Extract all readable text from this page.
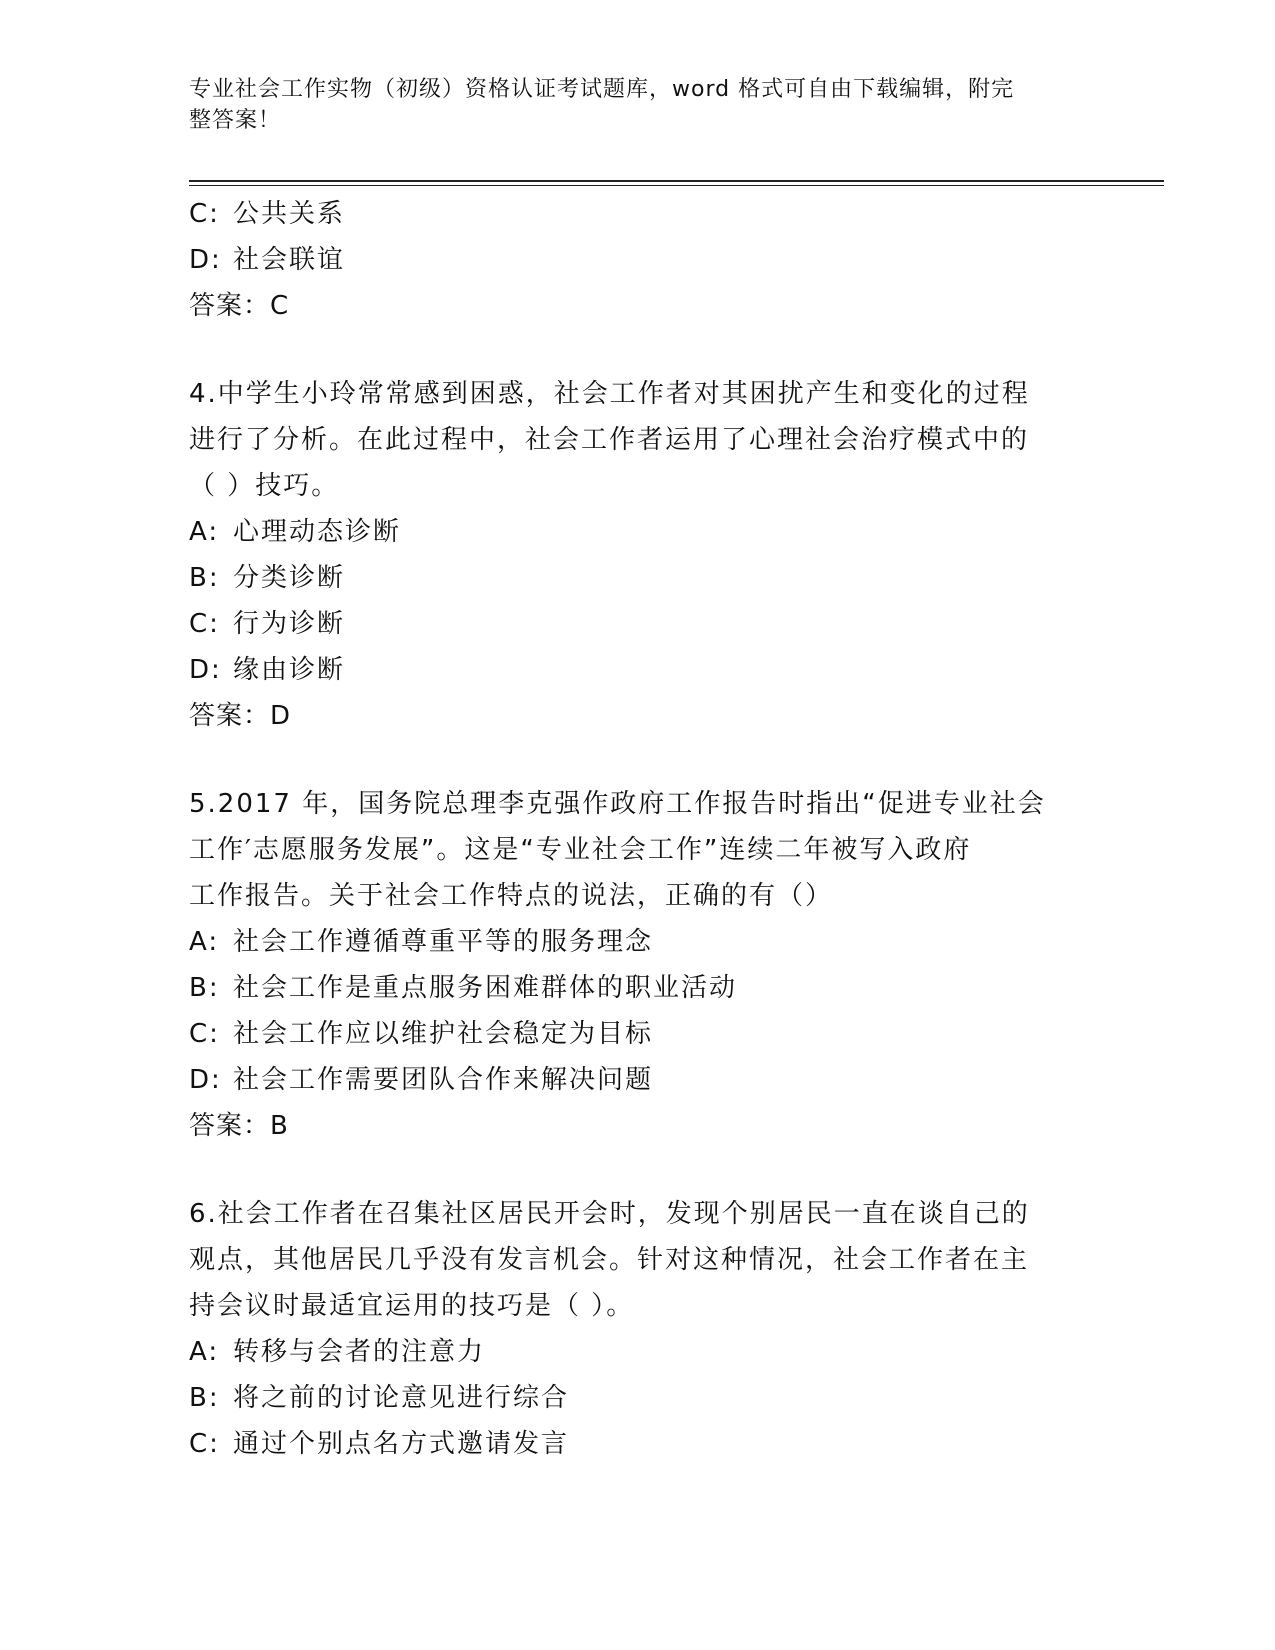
专业社会工作实物（初级）资格认证考试题库，word 格式可自由下载编辑，附完
整答案！
C: 公共关系
D: 社会联谊
答案：C
4.中学生小玲常常感到困惑，社会工作者对其困扰产生和变化的过程
进行了分析。在此过程中，社会工作者运用了心理社会治疗模式中的
（ ）技巧。
A: 心理动态诊断
B: 分类诊断
C: 行为诊断
D: 缘由诊断
答案：D
5.2017 年，国务院总理李克强作政府工作报告时指出“促进专业社会
工作′志愿服务发展”。这是“专业社会工作”连续二年被写入政府
工作报告。关于社会工作特点的说法，正确的有（）
A: 社会工作遵循尊重平等的服务理念
B: 社会工作是重点服务困难群体的职业活动
C: 社会工作应以维护社会稳定为目标
D: 社会工作需要团队合作来解决问题
答案：B
6.社会工作者在召集社区居民开会时，发现个别居民一直在谈自己的
观点，其他居民几乎没有发言机会。针对这种情况，社会工作者在主
持会议时最适宜运用的技巧是（ ）。
A: 转移与会者的注意力
B: 将之前的讨论意见进行综合
C: 通过个别点名方式邀请发言
